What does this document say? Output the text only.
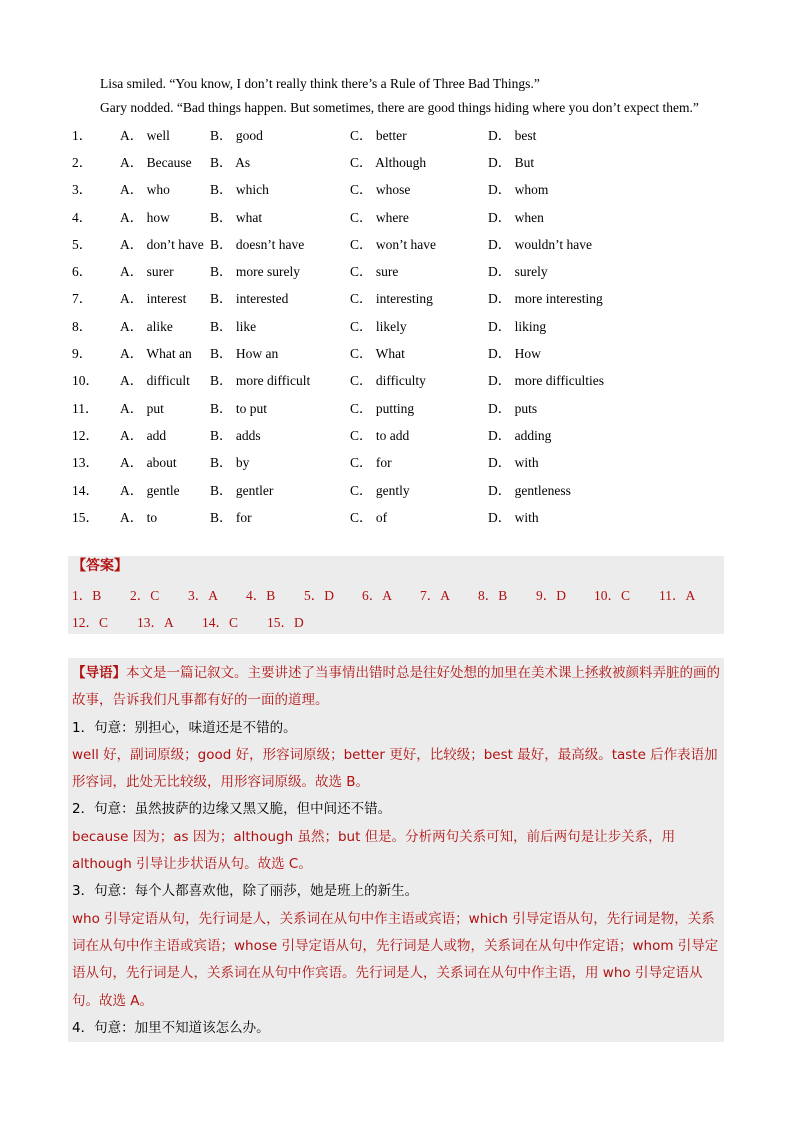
Lisa smiled. “You know, I don’t really think there’s a Rule of Three Bad Things.”

Gary nodded. “Bad things happen. But sometimes, there are good things hiding where you don’t expect them.”

1．	A． well	B． good	C． better	D． best
2．	A． Because	B． As	C． Although	D． But
3．	A． who	B． which	C． whose	D． whom
4．	A． how	B． what	C． where	D． when
5．	A． don’t have B． doesn’t have	C． won’t have	D． wouldn’t have
6．	A． surer	B． more surely	C． sure	D． surely
7．	A． interest	B． interested	C． interesting	D． more interesting
8．	A． alike	B． like	C． likely	D． liking
9．	A． What an	B． How an	C． What	D． How
10．	A． difficult	B． more difficult	C． difficulty	D． more difficulties
11．	A． put	B． to put	C． putting	D． puts
12．	A． add	B． adds	C． to add	D． adding
13．	A． about	B． by	C． for	D． with
14．	A． gentle	B． gentler	C． gently	D． gentleness
15．	A． to	B． for	C． of	D． with
【答案】
1．B 2．C 3．A 4．B 5．D 6．A 7．A 8．B 9．D 10．C 11．A
12．C 13．A 14．C 15．D

【导语】本文是一篇记叙文。主要讲述了当事情出错时总是往好处想的加里在美术课上拯救被颜料弄脏的画的故事，告诉我们凡事都有好的一面的道理。

1．句意：别担心，味道还是不错的。

well 好，副词原级；good 好，形容词原级；better 更好，比较级；best 最好，最高级。taste 后作表语加形容词，此处无比较级，用形容词原级。故选 B。

2．句意：虽然披萨的边缘又黑又脆，但中间还不错。

because 因为；as 因为；although 虽然；but 但是。分析两句关系可知，前后两句是让步关系，用 although 引导让步状语从句。故选 C。

3．句意：每个人都喜欢他，除了丽莎，她是班上的新生。

who 引导定语从句，先行词是人，关系词在从句中作主语或宾语；which 引导定语从句，先行词是物，关系词在从句中作主语或宾语；whose 引导定语从句，先行词是人或物，关系词在从句中作定语；whom 引导定语从句，先行词是人，关系词在从句中作宾语。先行词是人，关系词在从句中作主语，用 who 引导定语从句。故选 A。

4．句意：加里不知道该怎么办。
